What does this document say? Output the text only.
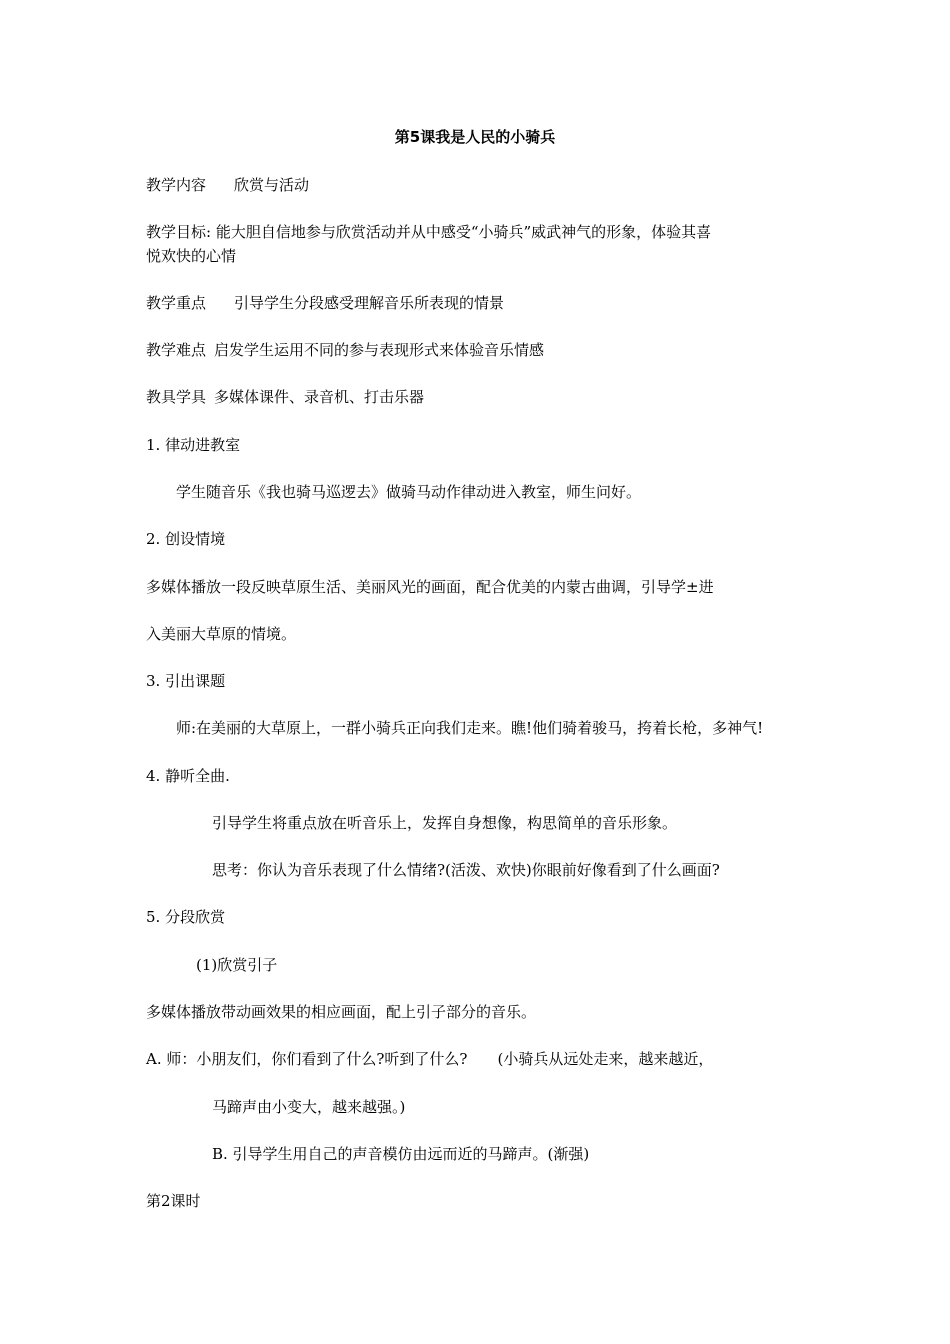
第5课我是人民的小骑兵
教学内容 欣赏与活动
教学目标: 能大胆自信地参与欣赏活动并从中感受“小骑兵”威武神气的形象，体验其喜
悦欢快的心情
教学重点 引导学生分段感受理解音乐所表现的情景
教学难点 启发学生运用不同的参与表现形式来体验音乐情感
教具学具 多媒体课件、录音机、打击乐器
1. 律动进教室
学生随音乐《我也骑马巡逻去》做骑马动作律动进入教室，师生问好。
2. 创设情境
多媒体播放一段反映草原生活、美丽风光的画面，配合优美的内蒙古曲调，引导学±进
入美丽大草原的情境。
3. 引出课题
师:在美丽的大草原上，一群小骑兵正向我们走来。瞧!他们骑着骏马，挎着长枪，多神气!
4. 静听全曲.
引导学生将重点放在听音乐上，发挥自身想像，构思简单的音乐形象。
思考：你认为音乐表现了什么情绪?(活泼、欢快)你眼前好像看到了什么画面?
5. 分段欣赏
(1)欣赏引子
多媒体播放带动画效果的相应画面，配上引子部分的音乐。
A. 师：小朋友们，你们看到了什么?听到了什么? (小骑兵从远处走来，越来越近，
马蹄声由小变大，越来越强。)
B. 引导学生用自己的声音模仿由远而近的马蹄声。(渐强)
第2课时
